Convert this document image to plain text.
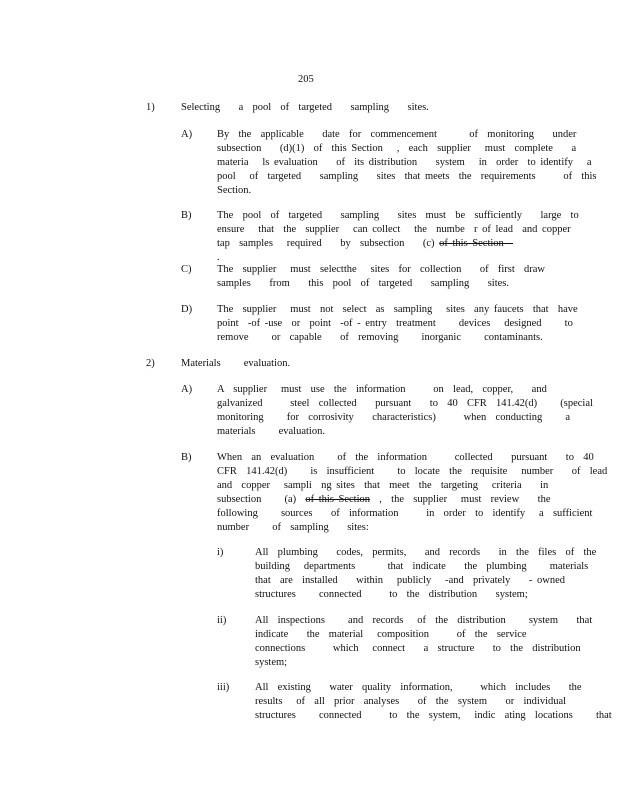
205
1)	Selecting    a  pool  of  targeted    sampling    sites.
A) By  the  applicable    date  for  commencement       of  monitoring    under
subsection    (d)(1)  of  this Section   ,  each  supplier   must  complete    a
materia   ls evaluation    of  its distribution    system   in  order  to identify   a
pool   of  targeted    sampling    sites  that meets  the  requirements      of  this
Section.
B) The  pool  of  targeted    sampling    sites  must  be  sufficiently    large  to
ensure   that  the  supplier   can collect   the  numbe  r of lead  and copper
tap  samples   required    by  subsection    (c) of this Section
.
C) The  supplier   must  selectthe   sites  for  collection    of  first  draw
samples    from    this  pool  of  targeted    sampling    sites.
D) The  supplier   must  not  select  as  sampling   sites  any faucets  that  have
point  -of -use  or  point  -of - entry  treatment     devices   designed     to
remove     or  capable    of  removing     inorganic     contaminants.
2)	Materials     evaluation.
A) A  supplier   must  use  the  information      on  lead,  copper,    and
galvanized      steel  collected    pursuant    to  40  CFR  141.42(d)     (special
monitoring     for  corrosivity    characteristics)      when  conducting     a
materials     evaluation.
B) When  an  evaluation     of  the  information      collected    pursuant    to  40
CFR  141.42(d)     is  insufficient     to  locate  the  requisite   number    of  lead
and  copper   sampli  ng sites  that  meet  the  targeting   criteria    in
subsection     (a)  of this Section  ,  the  supplier   must  review    the
following     sources    of  information      in  order  to  identify   a  sufficient
number     of  sampling    sites:
i)	All  plumbing    codes,  permits,    and  records    in  the  files  of  the
building   departments       that  indicate    the  plumbing     materials
that  are  installed    within   publicly   -and  privately    - owned
structures     connected      to  the  distribution    system;
ii)	All  inspections     and  records   of  the  distribution     system    that
indicate    the  material   composition      of  the  service
connections      which   connect    a  structure    to  the  distribution
system;
iii) All  existing    water  quality  information,      which  includes    the
results   of  all  prior  analyses    of  the  system    or  individual
structures     connected      to  the  system,   indic  ating  locations     that
